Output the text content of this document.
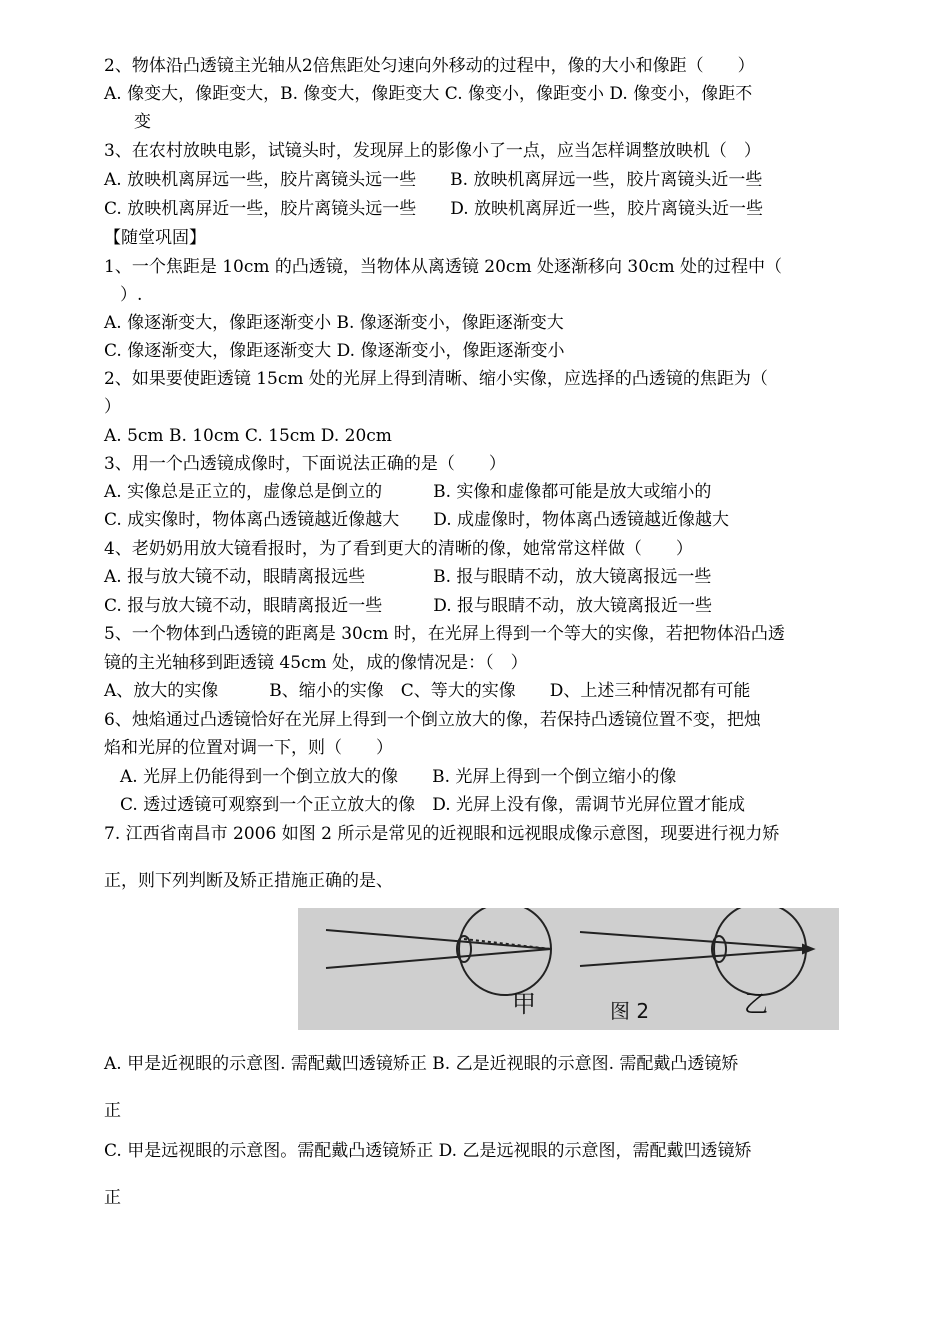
2、物体沿凸透镜主光轴从2倍焦距处匀速向外移动的过程中，像的大小和像距（　　）
A. 像变大，像距变大，B. 像变大，像距变大 C. 像变小，像距变小 D. 像变小，像距不
变
3、在农村放映电影，试镜头时，发现屏上的影像小了一点，应当怎样调整放映机（　）
A. 放映机离屏远一些，胶片离镜头远一些　　B. 放映机离屏远一些，胶片离镜头近一些
C. 放映机离屏近一些，胶片离镜头远一些　　D. 放映机离屏近一些，胶片离镜头近一些
【随堂巩固】
1、一个焦距是 10cm 的凸透镜，当物体从离透镜 20cm 处逐渐移向 30cm 处的过程中（
）.
A. 像逐渐变大，像距逐渐变小 B. 像逐渐变小，像距逐渐变大
C. 像逐渐变大，像距逐渐变大 D. 像逐渐变小，像距逐渐变小
2、如果要使距透镜 15cm 处的光屏上得到清晰、缩小实像，应选择的凸透镜的焦距为（
）
A. 5cm B. 10cm C. 15cm D. 20cm
3、用一个凸透镜成像时，下面说法正确的是（　　）
A. 实像总是正立的，虚像总是倒立的　　　B. 实像和虚像都可能是放大或缩小的
C. 成实像时，物体离凸透镜越近像越大　　D. 成虚像时，物体离凸透镜越近像越大
4、老奶奶用放大镜看报时，为了看到更大的清晰的像，她常常这样做（　　）
A. 报与放大镜不动，眼睛离报远些　　　　B. 报与眼睛不动，放大镜离报远一些
C. 报与放大镜不动，眼睛离报近一些　　　D. 报与眼睛不动，放大镜离报近一些
5、一个物体到凸透镜的距离是 30cm 时，在光屏上得到一个等大的实像，若把物体沿凸透
镜的主光轴移到距透镜 45cm 处，成的像情况是：（　）
A、放大的实像　　　B、缩小的实像　C、等大的实像　　D、上述三种情况都有可能
6、烛焰通过凸透镜恰好在光屏上得到一个倒立放大的像，若保持凸透镜位置不变，把烛
焰和光屏的位置对调一下，则（　　）
A. 光屏上仍能得到一个倒立放大的像　　B. 光屏上得到一个倒立缩小的像
C. 透过透镜可观察到一个正立放大的像　D. 光屏上没有像，需调节光屏位置才能成
7. 江西省南昌市 2006 如图 2 所示是常见的近视眼和远视眼成像示意图，现要进行视力矫
正，则下列判断及矫正措施正确的是、
甲	图 2	乙
A. 甲是近视眼的示意图. 需配戴凹透镜矫正 B. 乙是近视眼的示意图. 需配戴凸透镜矫
正
C. 甲是远视眼的示意图。需配戴凸透镜矫正 D. 乙是远视眼的示意图，需配戴凹透镜矫
正
